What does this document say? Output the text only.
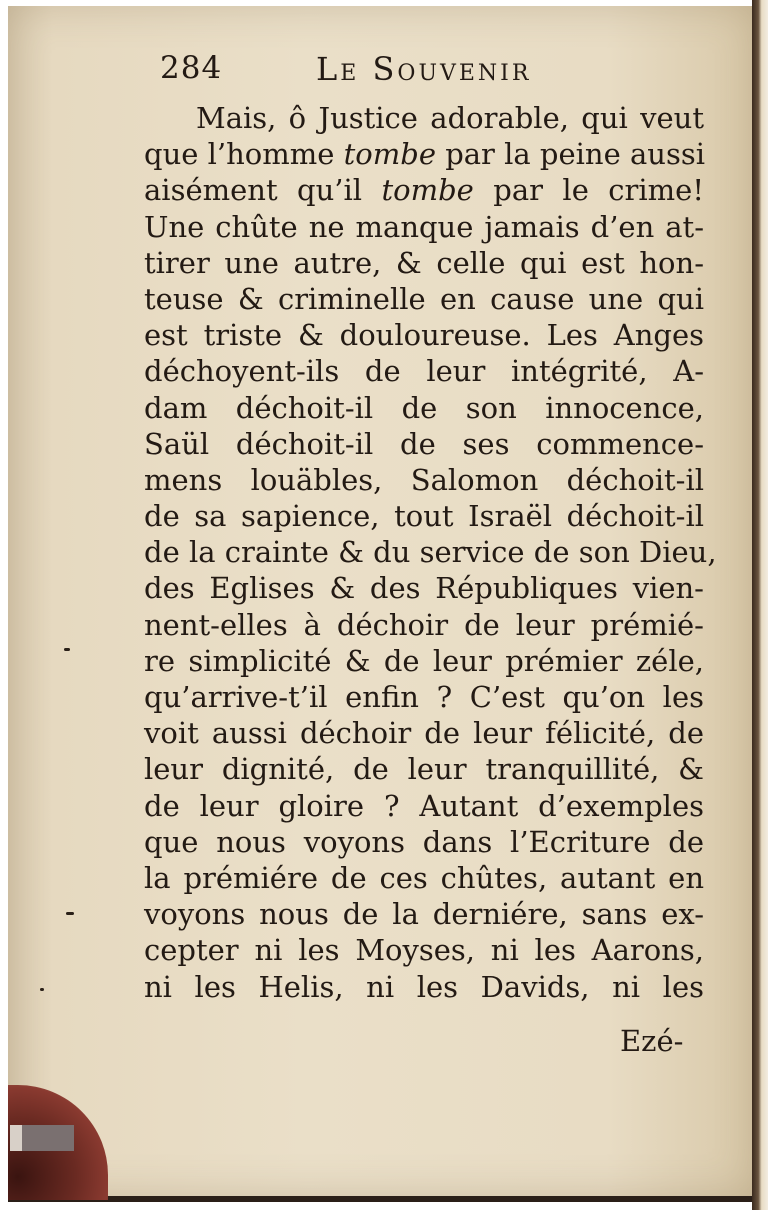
284	Le Souvenir
Mais, ô Justice adorable, qui veut
que l’homme tombe par la peine aussi
aisément qu’il tombe par le crime!
Une chûte ne manque jamais d’en at-
tirer une autre, & celle qui est hon-
teuse & criminelle en cause une qui
est triste & douloureuse. Les Anges
déchoyent-ils de leur intégrité, A-
dam déchoit-il de son innocence,
Saül déchoit-il de ses commence-
mens louäbles, Salomon déchoit-il
de sa sapience, tout Israël déchoit-il
de la crainte & du service de son Dieu,
des Eglises & des Républiques vien-
nent-elles à déchoir de leur prémié-
re simplicité & de leur prémier zéle,
qu’arrive-t’il enfin ? C’est qu’on les
voit aussi déchoir de leur félicité, de
leur dignité, de leur tranquillité, &
de leur gloire ? Autant d’exemples
que nous voyons dans l’Ecriture de
la prémiére de ces chûtes, autant en
voyons nous de la derniére, sans ex-
cepter ni les Moyses, ni les Aarons,
ni les Helis, ni les Davids, ni les
Ezé-
